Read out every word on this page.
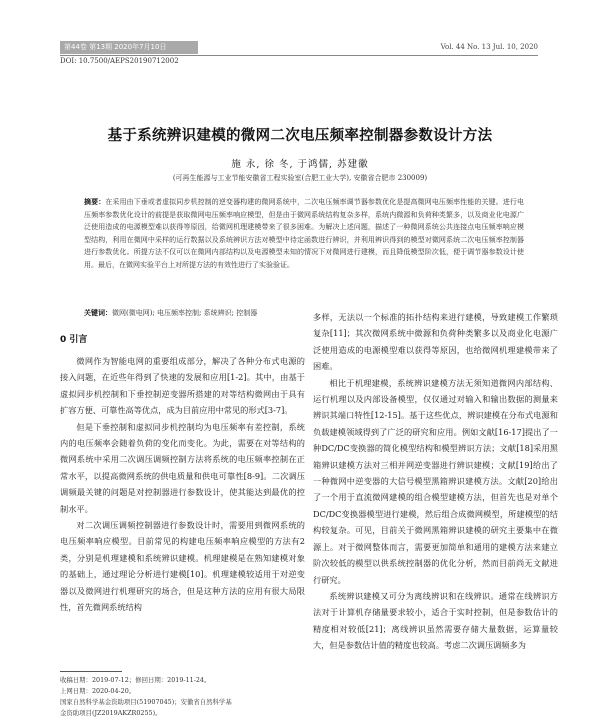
第44卷 第13期 2020年7月10日	Vol. 44 No. 13 Jul. 10, 2020
DOI: 10.7500/AEPS20190712002
基于系统辨识建模的微网二次电压频率控制器参数设计方法
施 永, 徐 冬, 于鸿儒, 苏建徽
(可再生能源与工业节能安徽省工程实验室(合肥工业大学), 安徽省合肥市 230009)
摘要：在采用由下垂或者虚拟同步机控制的逆变器构建的微网系统中，二次电压频率调节器参数优化是提高微网电压频率性能的关键。进行电压频率参数优化设计的前提是获取微网电压频率响应模型，但是由于微网系统结构复杂多样，系统内微源和负荷种类繁多，以及商业化电源广泛使用造成的电源模型难以获得等原因，给微网机理建模带来了很多困难。为解决上述问题，描述了一种微网系统公共连接点电压频率响应模型结构，利用在微网中采样的运行数据以及系统辨识方法对模型中待定函数进行辨识，并利用辨识得到的模型对微网系统二次电压频率控制器进行参数优化。所提方法不仅可以在微网内部结构以及电源模型未知的情况下对微网进行建模，而且降低模型阶次低，便于调节器参数设计使用。最后，在微网实验平台上对所提方法的有效性进行了实验验证。
关键词：微网(微电网); 电压频率控制; 系统辨识; 控制器
0 引言

微网作为智能电网的重要组成部分，解决了各种分布式电源的接入问题，在近些年得到了快速的发展和应用[1-2]。其中，由基于虚拟同步机控制和下垂控制逆变器所搭建的对等结构微网由于具有扩容方便、可靠性高等优点，成为目前应用中常见的形式[3-7]。

但是下垂控制和虚拟同步机控制均为电压频率有差控制，系统内的电压频率会随着负荷的变化而变化。为此，需要在对等结构的微网系统中采用二次调压调频控制方法将系统的电压频率控制在正常水平，以提高微网系统的供电质量和供电可靠性[8-9]。二次调压调频最关键的问题是对控制器进行参数设计，使其能达到最优的控制水平。

对二次调压调频控制器进行参数设计时，需要用到微网系统的电压频率响应模型。目前常见的构建电压频率响应模型的方法有2类，分别是机理建模和系统辨识建模。机理建模是在熟知建模对象的基础上，通过理论分析进行建模[10]。机理建模较适用于对逆变器以及微网进行机理研究的场合，但是这种方法的应用有很大局限性，首先微网系统结构

多样，无法以一个标准的拓扑结构来进行建模，导致建模工作繁琐复杂[11]；其次微网系统中微源和负荷种类繁多以及商业化电源广泛使用造成的电源模型难以获得等原因，也给微网机理建模带来了困难。

相比于机理建模，系统辨识建模方法无须知道微网内部结构、运行机理以及内部设备模型，仅仅通过对输入和输出数据的测量来辨识其端口特性[12-15]。基于这些优点，辨识建模在分布式电源和负载建模领域得到了广泛的研究和应用。例如文献[16-17]提出了一种DC/DC变换器的简化模型结构和模型辨识方法；文献[18]采用黑箱辨识建模方法对三相并网逆变器进行辨识建模；文献[19]给出了一种微网中逆变器的大信号模型黑箱辨识建模方法。文献[20]给出了一个用于直流微网建模的组合模型建模方法，但首先也是对单个DC/DC变换器模型进行建模，然后组合成微网模型，所建模型的结构较复杂。可见，目前关于微网黑箱辨识建模的研究主要集中在微源上。对于微网整体而言，需要更加简单和通用的建模方法来建立阶次较低的模型以供系统控制器的优化分析，然而目前尚无文献进行研究。

系统辨识建模又可分为离线辨识和在线辨识。通常在线辨识方法对于计算机存储量要求较小，适合于实时控制，但是参数估计的精度相对较低[21]；离线辨识虽然需要存储大量数据，运算量较大，但是参数估计值的精度也较高。考虑二次调压调频多为

收稿日期：2019-07-12；修回日期：2019-11-24。
上网日期：2020-04-20。
国家自然科学基金资助项目(51907045)；安徽省自然科学基
金资助项目(JZ2019AKZR0255)。
